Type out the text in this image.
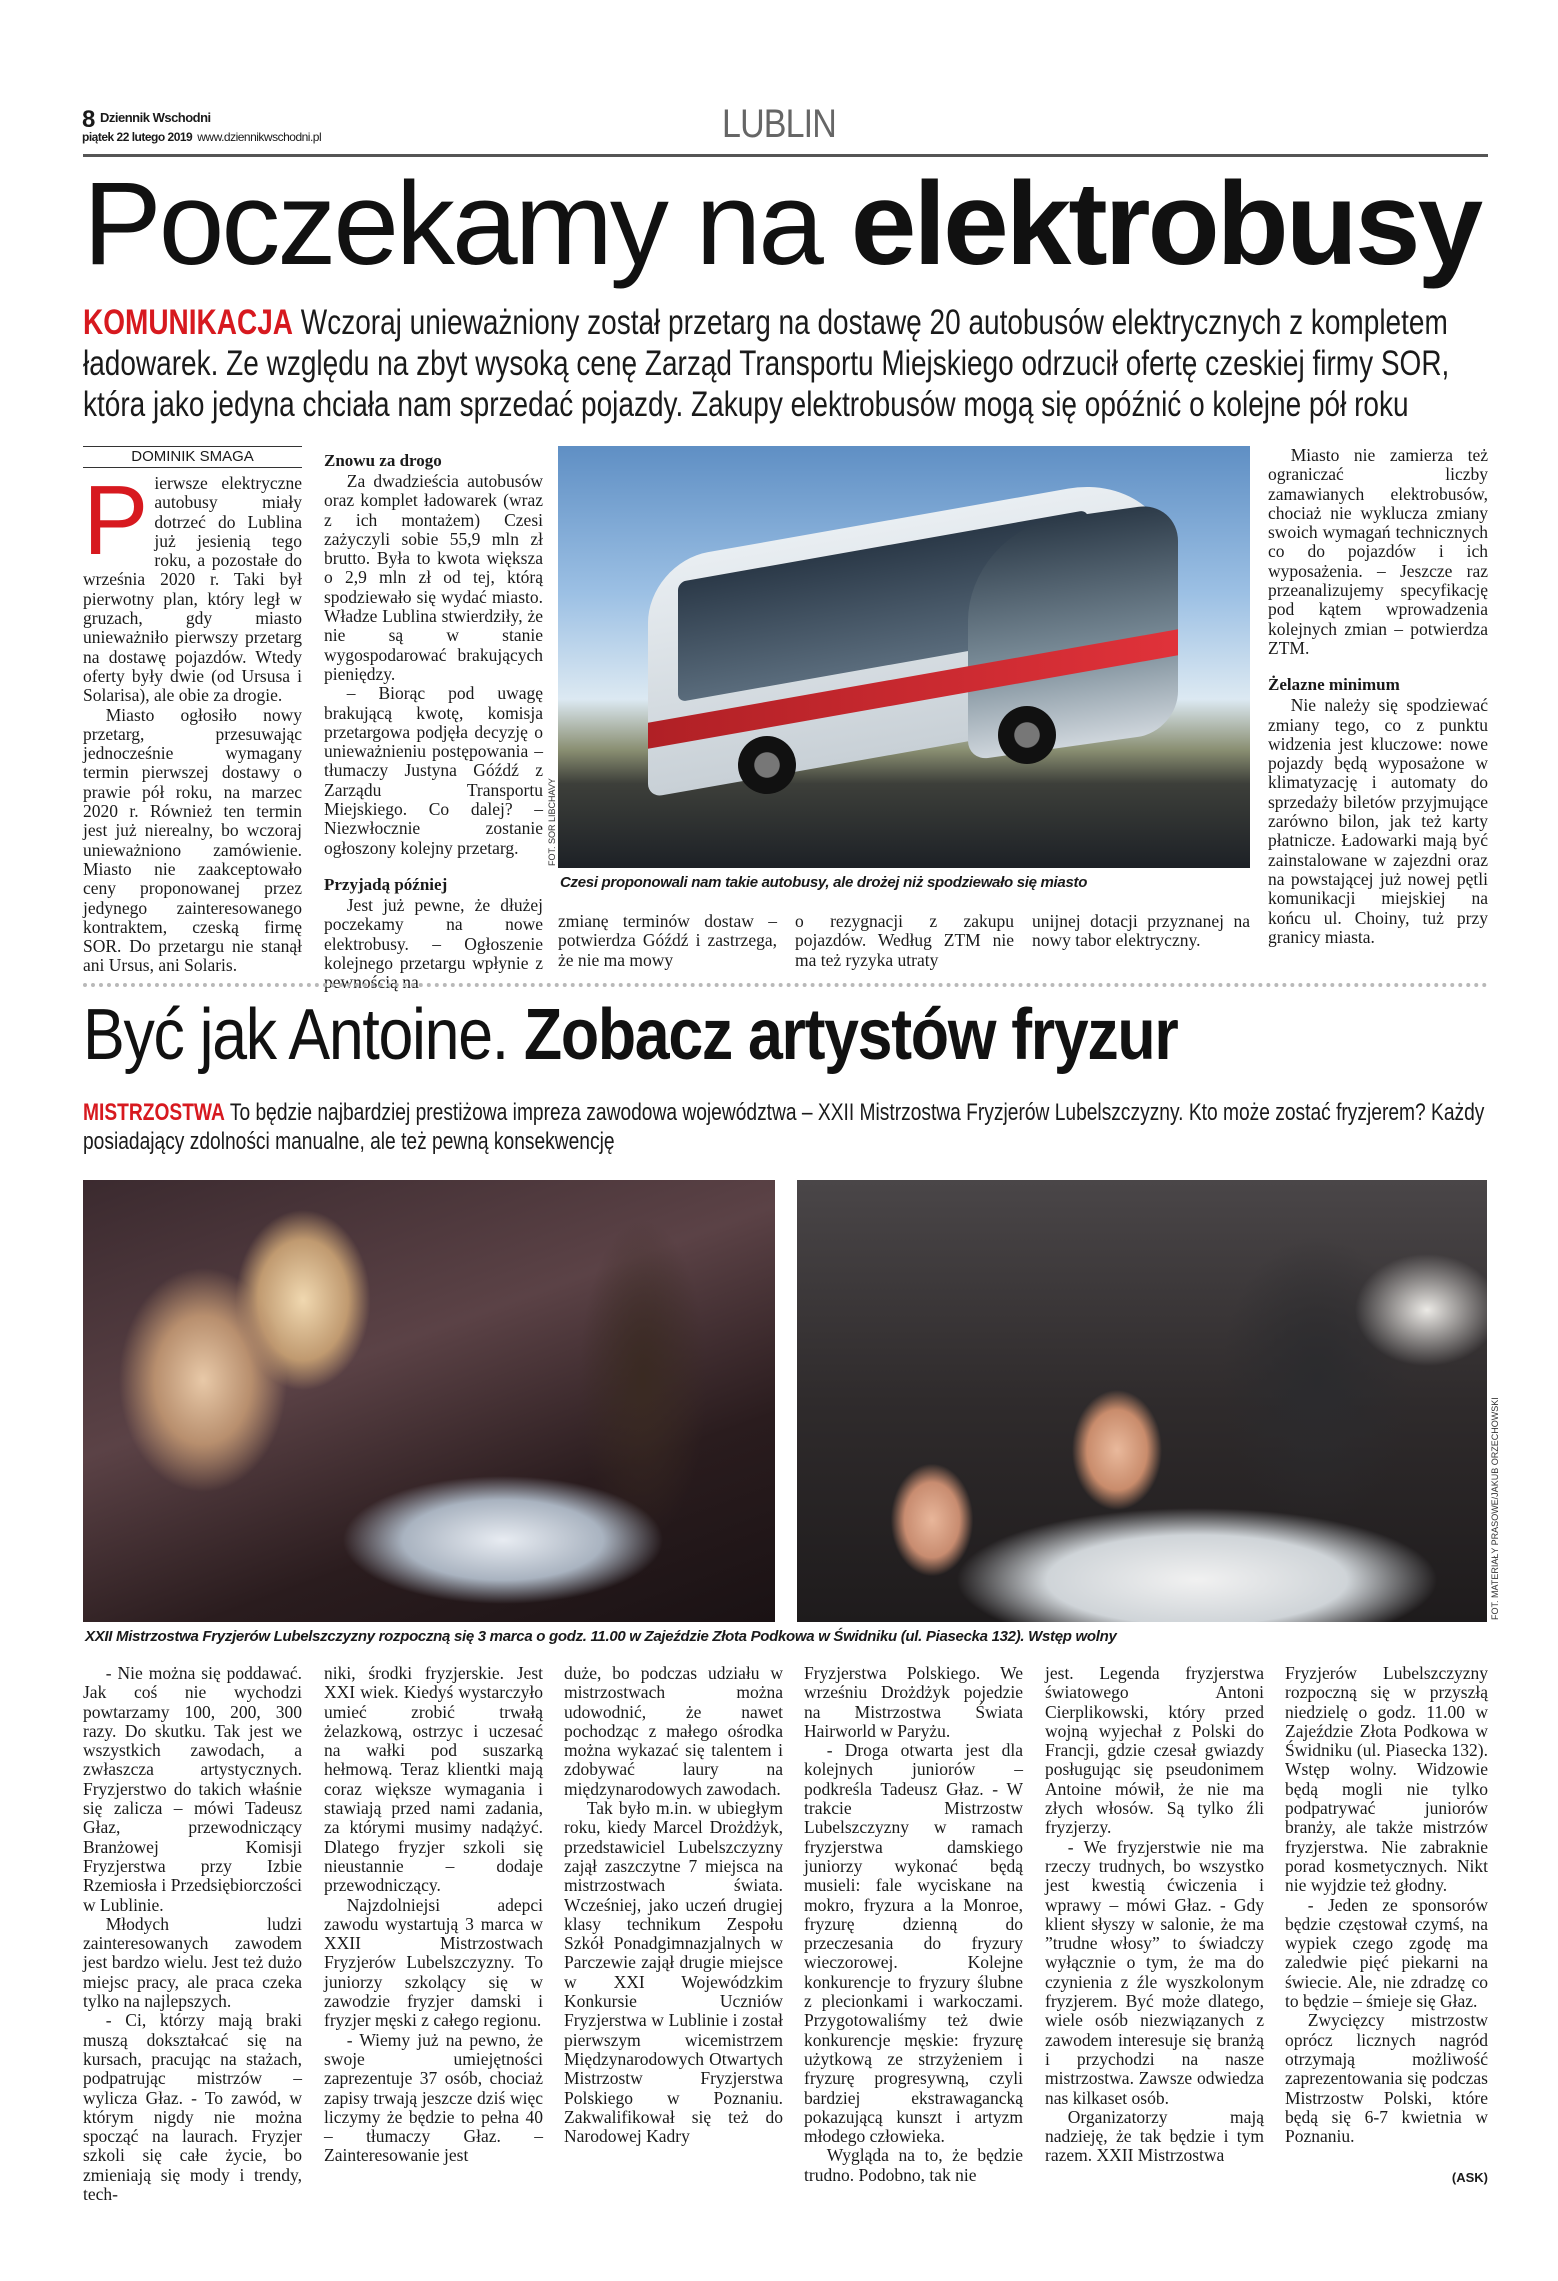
8 Dziennik Wschodni
piątek 22 lutego 2019 www.dziennikwschodni.pl	LUBLIN
Poczekamy na elektrobusy

KOMUNIKACJA Wczoraj unieważniony został przetarg na dostawę 20 autobusów elektrycznych z kompletem ładowarek. Ze względu na zbyt wysoką cenę Zarząd Transportu Miejskiego odrzucił ofertę czeskiej firmy SOR, która jako jedyna chciała nam sprzedać pojazdy. Zakupy elektrobusów mogą się opóźnić o kolejne pół roku

DOMINIK SMAGA
P ierwsze elektryczne autobusy miały dotrzeć do Lublina już jesienią tego roku, a pozostałe do września 2020 r. Taki był pierwotny plan, który legł w gruzach, gdy miasto unieważniło pierwszy przetarg na dostawę pojazdów. Wtedy oferty były dwie (od Ursusa i Solarisa), ale obie za drogie.

Miasto ogłosiło nowy przetarg, przesuwając jednocześnie wymagany termin pierwszej dostawy o prawie pół roku, na marzec 2020 r. Również ten termin jest już nierealny, bo wczoraj unieważniono zamówienie. Miasto nie zaakceptowało ceny proponowanej przez jedynego zainteresowanego kontraktem, czeską firmę SOR. Do przetargu nie stanął ani Ursus, ani Solaris.

Znowu za drogo

Za dwadzieścia autobusów oraz komplet ładowarek (wraz z ich montażem) Czesi zażyczyli sobie 55,9 mln zł brutto. Była to kwota większa o 2,9 mln zł od tej, którą spodziewało się wydać miasto. Władze Lublina stwierdziły, że nie są w stanie wygospodarować brakujących pieniędzy.

– Biorąc pod uwagę brakującą kwotę, komisja przetargowa podjęła decyzję o unieważnieniu postępowania – tłumaczy Justyna Góźdź z Zarządu Transportu Miejskiego. Co dalej? – Niezwłocznie zostanie ogłoszony kolejny przetarg.

Przyjadą później

Jest już pewne, że dłużej poczekamy na nowe elektrobusy. – Ogłoszenie kolejnego przetargu wpłynie z pewnością na

FOT. SOR LIBCHAVY
Czesi proponowali nam takie autobusy, ale drożej niż spodziewało się miasto

zmianę terminów dostaw – potwierdza Góźdź i zastrzega, że nie ma mowy

o rezygnacji z zakupu pojazdów. Według ZTM nie ma też ryzyka utraty

unijnej dotacji przyznanej na nowy tabor elektryczny.

Miasto nie zamierza też ograniczać liczby zamawianych elektrobusów, chociaż nie wyklucza zmiany swoich wymagań technicznych co do pojazdów i ich wyposażenia. – Jeszcze raz przeanalizujemy specyfikację pod kątem wprowadzenia kolejnych zmian – potwierdza ZTM.

Żelazne minimum

Nie należy się spodziewać zmiany tego, co z punktu widzenia jest kluczowe: nowe pojazdy będą wyposażone w klimatyzację i automaty do sprzedaży biletów przyjmujące zarówno bilon, jak też karty płatnicze. Ładowarki mają być zainstalowane w zajezdni oraz na powstającej już nowej pętli komunikacji miejskiej na końcu ul. Choiny, tuż przy granicy miasta.

Być jak Antoine. Zobacz artystów fryzur

MISTRZOSTWA To będzie najbardziej prestiżowa impreza zawodowa województwa – XXII Mistrzostwa Fryzjerów Lubelszczyzny. Kto może zostać fryzjerem? Każdy posiadający zdolności manualne, ale też pewną konsekwencję

FOT. MATERIAŁY PRASOWE/JAKUB ORZECHOWSKI
XXII Mistrzostwa Fryzjerów Lubelszczyzny rozpoczną się 3 marca o godz. 11.00 w Zajeździe Złota Podkowa w Świdniku (ul. Piasecka 132). Wstęp wolny

- Nie można się poddawać. Jak coś nie wychodzi powtarzamy 100, 200, 300 razy. Do skutku. Tak jest we wszystkich zawodach, a zwłaszcza artystycznych. Fryzjerstwo do takich właśnie się zalicza – mówi Tadeusz Głaz, przewodniczący Branżowej Komisji Fryzjerstwa przy Izbie Rzemiosła i Przedsiębiorczości w Lublinie.

Młodych ludzi zainteresowanych zawodem jest bardzo wielu. Jest też dużo miejsc pracy, ale praca czeka tylko na najlepszych.

- Ci, którzy mają braki muszą dokształcać się na kursach, pracując na stażach, podpatrując mistrzów – wylicza Głaz. - To zawód, w którym nigdy nie można spocząć na laurach. Fryzjer szkoli się całe życie, bo zmieniają się mody i trendy, tech-

niki, środki fryzjerskie. Jest XXI wiek. Kiedyś wystarczyło umieć zrobić trwałą żelazkową, ostrzyc i uczesać na wałki pod suszarką hełmową. Teraz klientki mają coraz większe wymagania i stawiają przed nami zadania, za którymi musimy nadążyć. Dlatego fryzjer szkoli się nieustannie – dodaje przewodniczący.

Najzdolniejsi adepci zawodu wystartują 3 marca w XXII Mistrzostwach Fryzjerów Lubelszczyzny. To juniorzy szkolący się w zawodzie fryzjer damski i fryzjer męski z całego regionu.

- Wiemy już na pewno, że swoje umiejętności zaprezentuje 37 osób, chociaż zapisy trwają jeszcze dziś więc liczymy że będzie to pełna 40 – tłumaczy Głaz. – Zainteresowanie jest

duże, bo podczas udziału w mistrzostwach można udowodnić, że nawet pochodząc z małego ośrodka można wykazać się talentem i zdobywać laury na międzynarodowych zawodach.

Tak było m.in. w ubiegłym roku, kiedy Marcel Drożdżyk, przedstawiciel Lubelszczyzny zajął zaszczytne 7 miejsca na mistrzostwach świata. Wcześniej, jako uczeń drugiej klasy technikum Zespołu Szkół Ponadgimnazjalnych w Parczewie zajął drugie miejsce w XXI Wojewódzkim Konkursie Uczniów Fryzjerstwa w Lublinie i został pierwszym wicemistrzem Międzynarodowych Otwartych Mistrzostw Fryzjerstwa Polskiego w Poznaniu. Zakwalifikował się też do Narodowej Kadry

Fryzjerstwa Polskiego. We wrześniu Drożdżyk pojedzie na Mistrzostwa Świata Hairworld w Paryżu.

- Droga otwarta jest dla kolejnych juniorów – podkreśla Tadeusz Głaz. - W trakcie Mistrzostw Lubelszczyzny w ramach fryzjerstwa damskiego juniorzy wykonać będą musieli: fale wyciskane na mokro, fryzura a la Monroe, fryzurę dzienną do przeczesania do fryzury wieczorowej. Kolejne konkurencje to fryzury ślubne z plecionkami i warkoczami. Przygotowaliśmy też dwie konkurencje męskie: fryzurę użytkową ze strzyżeniem i fryzurę progresywną, czyli bardziej ekstrawagancką pokazującą kunszt i artyzm młodego człowieka.

Wygląda na to, że będzie trudno. Podobno, tak nie

jest. Legenda fryzjerstwa światowego Antoni Cierplikowski, który przed wojną wyjechał z Polski do Francji, gdzie czesał gwiazdy posługując się pseudonimem Antoine mówił, że nie ma złych włosów. Są tylko źli fryzjerzy.

- We fryzjerstwie nie ma rzeczy trudnych, bo wszystko jest kwestią ćwiczenia i wprawy – mówi Głaz. - Gdy klient słyszy w salonie, że ma ”trudne włosy” to świadczy wyłącznie o tym, że ma do czynienia z źle wyszkolonym fryzjerem. Być może dlatego, wiele osób niezwiązanych z zawodem interesuje się branżą i przychodzi na nasze mistrzostwa. Zawsze odwiedza nas kilkaset osób.

Organizatorzy mają nadzieję, że tak będzie i tym razem. XXII Mistrzostwa

Fryzjerów Lubelszczyzny rozpoczną się w przyszłą niedzielę o godz. 11.00 w Zajeździe Złota Podkowa w Świdniku (ul. Piasecka 132). Wstęp wolny. Widzowie będą mogli nie tylko podpatrywać juniorów branży, ale także mistrzów fryzjerstwa. Nie zabraknie porad kosmetycznych. Nikt nie wyjdzie też głodny.

- Jeden ze sponsorów będzie częstował czymś, na wypiek czego zgodę ma zaledwie pięć piekarni na świecie. Ale, nie zdradzę co to będzie – śmieje się Głaz.

Zwycięzcy mistrzostw oprócz licznych nagród otrzymają możliwość zaprezentowania się podczas Mistrzostw Polski, które będą się 6-7 kwietnia w Poznaniu.

(ASK)
